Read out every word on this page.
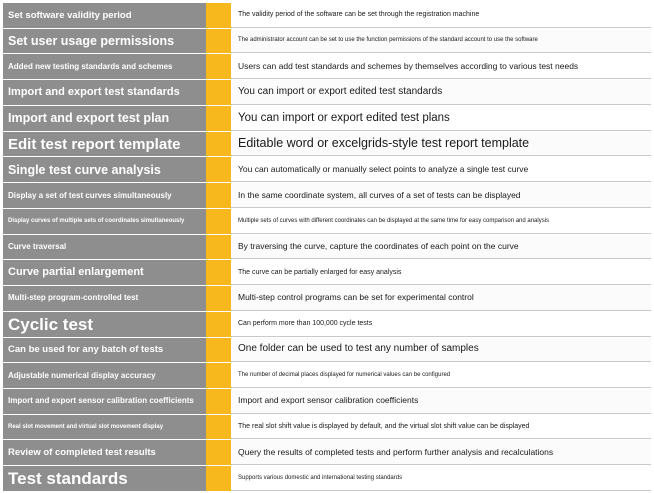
Set software validity period	The validity period of the software can be set through the registration machine
Set user usage permissions	The administrator account can be set to use the function permissions of the standard account to use the software
Added new testing standards and schemes	Users can add test standards and schemes by themselves according to various test needs
Import and export test standards	You can import or export edited test standards
Import and export test plan	You can import or export edited test plans
Edit test report template	Editable word or excelgrids-style test report template
Single test curve analysis	You can automatically or manually select points to analyze a single test curve
Display a set of test curves simultaneously	In the same coordinate system, all curves of a set of tests can be displayed
Display curves of multiple sets of coordinates simultaneously	Multiple sets of curves with different coordinates can be displayed at the same time for easy comparison and analysis
Curve traversal	By traversing the curve, capture the coordinates of each point on the curve
Curve partial enlargement	The curve can be partially enlarged for easy analysis
Multi-step program-controlled test	Multi-step control programs can be set for experimental control
Cyclic test	Can perform more than 100,000 cycle tests
Can be used for any batch of tests	One folder can be used to test any number of samples
Adjustable numerical display accuracy	The number of decimal places displayed for numerical values can be configured
Import and export sensor calibration coefficients	Import and export sensor calibration coefficients
Real slot movement and virtual slot movement display	The real slot shift value is displayed by default, and the virtual slot shift value can be displayed
Review of completed test results	Query the results of completed tests and perform further analysis and recalculations
Test standards	Supports various domestic and international testing standards
